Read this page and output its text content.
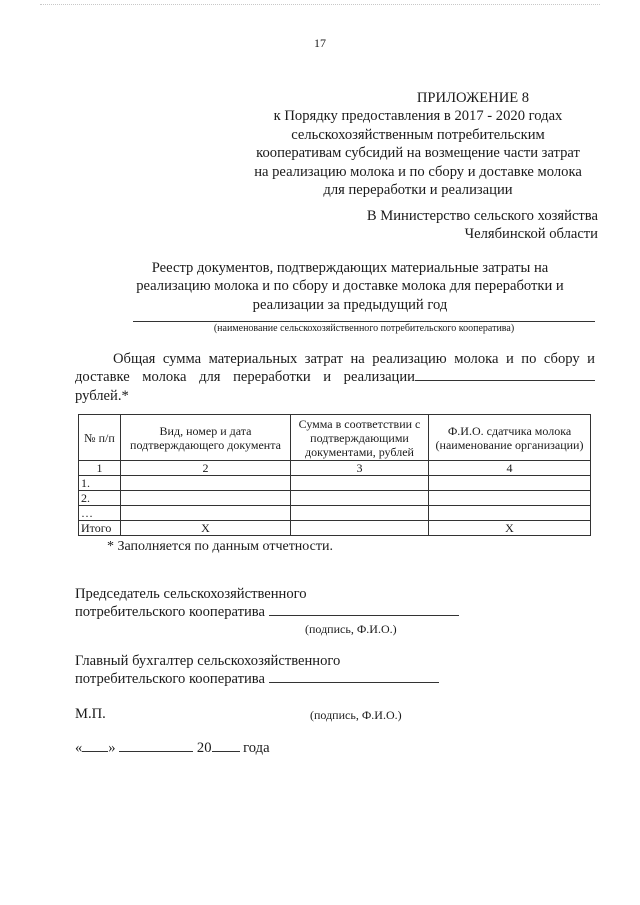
17
ПРИЛОЖЕНИЕ 8
к Порядку предоставления в 2017 - 2020 годах
сельскохозяйственным потребительским
кооперативам субсидий на возмещение части затрат
на реализацию молока и по сбору и доставке молока
для переработки и реализации
В Министерство сельского хозяйства
Челябинской области
Реестр документов, подтверждающих материальные затраты на
реализацию молока и по сбору и доставке молока для переработки и
реализации за предыдущий год
(наименование сельскохозяйственного потребительского кооператива)
Общая сумма материальных затрат на реализацию молока и по сбору и доставке молока для переработки и реализации рублей.*
№ п/п	Вид, номер и дата подтверждающего документа	Сумма в соответствии с подтверждающими документами, рублей	Ф.И.О. сдатчика молока (наименование организации)
1	2	3	4
1.			
2.			
…			
Итого	Х		Х
* Заполняется по данным отчетности.
Председатель сельскохозяйственного
потребительского кооператива
(подпись, Ф.И.О.)
Главный бухгалтер сельскохозяйственного
потребительского кооператива
М.П.	(подпись, Ф.И.О.)
« »	20 года
